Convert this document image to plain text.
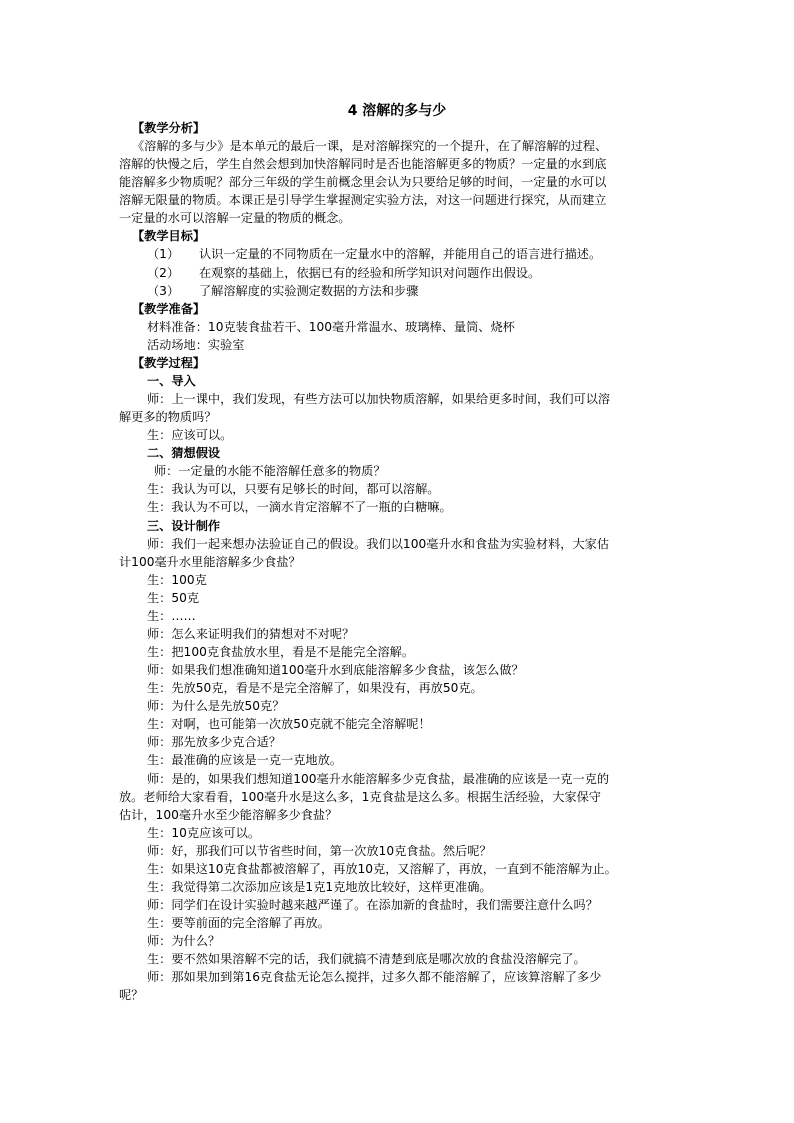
4 溶解的多与少
【教学分析】
《溶解的多与少》是本单元的最后一课，是对溶解探究的一个提升，在了解溶解的过程、
溶解的快慢之后，学生自然会想到加快溶解同时是否也能溶解更多的物质？一定量的水到底
能溶解多少物质呢？部分三年级的学生前概念里会认为只要给足够的时间，一定量的水可以
溶解无限量的物质。本课正是引导学生掌握测定实验方法，对这一问题进行探究，从而建立
一定量的水可以溶解一定量的物质的概念。
【教学目标】
（1） 认识一定量的不同物质在一定量水中的溶解，并能用自己的语言进行描述。
（2） 在观察的基础上，依据已有的经验和所学知识对问题作出假设。
（3） 了解溶解度的实验测定数据的方法和步骤
【教学准备】
材料准备：10克装食盐若干、100毫升常温水、玻璃棒、量筒、烧杯
活动场地：实验室
【教学过程】
一、导入
师：上一课中，我们发现，有些方法可以加快物质溶解，如果给更多时间，我们可以溶
解更多的物质吗？
生：应该可以。
二、猜想假设
师：一定量的水能不能溶解任意多的物质？
生：我认为可以，只要有足够长的时间，都可以溶解。
生：我认为不可以，一滴水肯定溶解不了一瓶的白糖嘛。
三、设计制作
师：我们一起来想办法验证自己的假设。我们以100毫升水和食盐为实验材料，大家估
计100毫升水里能溶解多少食盐？
生：100克
生：50克
生：……
师：怎么来证明我们的猜想对不对呢？
生：把100克食盐放水里，看是不是能完全溶解。
师：如果我们想准确知道100毫升水到底能溶解多少食盐，该怎么做？
生：先放50克，看是不是完全溶解了，如果没有，再放50克。
师：为什么是先放50克？
生：对啊，也可能第一次放50克就不能完全溶解呢！
师：那先放多少克合适？
生：最准确的应该是一克一克地放。
师：是的，如果我们想知道100毫升水能溶解多少克食盐，最准确的应该是一克一克的
放。老师给大家看看，100毫升水是这么多，1克食盐是这么多。根据生活经验，大家保守
估计，100毫升水至少能溶解多少食盐？
生：10克应该可以。
师：好，那我们可以节省些时间，第一次放10克食盐。然后呢？
生：如果这10克食盐都被溶解了，再放10克，又溶解了，再放，一直到不能溶解为止。
生：我觉得第二次添加应该是1克1克地放比较好，这样更准确。
师：同学们在设计实验时越来越严谨了。在添加新的食盐时，我们需要注意什么吗？
生：要等前面的完全溶解了再放。
师：为什么？
生：要不然如果溶解不完的话，我们就搞不清楚到底是哪次放的食盐没溶解完了。
师：那如果加到第16克食盐无论怎么搅拌，过多久都不能溶解了，应该算溶解了多少
呢？
